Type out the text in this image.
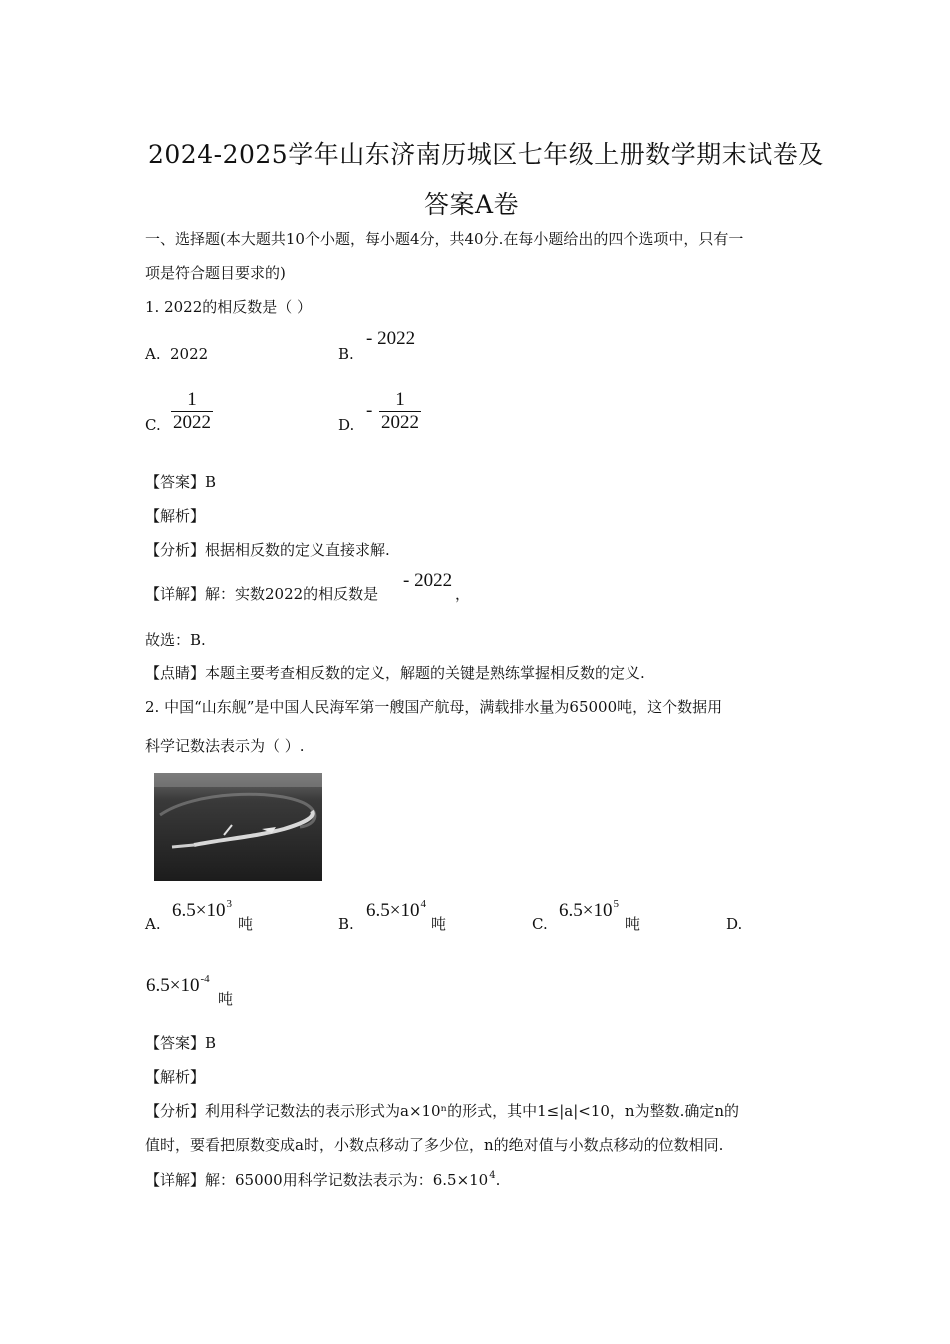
2024-2025学年山东济南历城区七年级上册数学期末试卷及
答案A卷
一、选择题(本大题共10个小题，每小题4分，共40分.在每小题给出的四个选项中，只有一
项是符合题目要求的)
1. 2022的相反数是（ ）
A. 2022	B.
- 2022
C.
1
2022	D.
-
1
2022
【答案】B
【解析】
【分析】根据相反数的定义直接求解.
【详解】解：实数2022的相反数是
- 2022
，
故选：B.
【点睛】本题主要考查相反数的定义，解题的关键是熟练掌握相反数的定义.
2. 中国“山东舰”是中国人民海军第一艘国产航母，满载排水量为65000吨，这个数据用
科学记数法表示为（ ）.
A.
$6.5\times 10^3$
吨	B.
$6.5\times 10^4$
吨	C.
$6.5\times 10^5$
吨	D.
$6.5\times 10^{-4}$
吨
【答案】B
【解析】
【分析】利用科学记数法的表示形式为a×10ⁿ的形式，其中1≤|a|<10，n为整数.确定n的
值时，要看把原数变成a时，小数点移动了多少位，n的绝对值与小数点移动的位数相同.
【详解】解：65000用科学记数法表示为：$6.5\times 10^4$.
